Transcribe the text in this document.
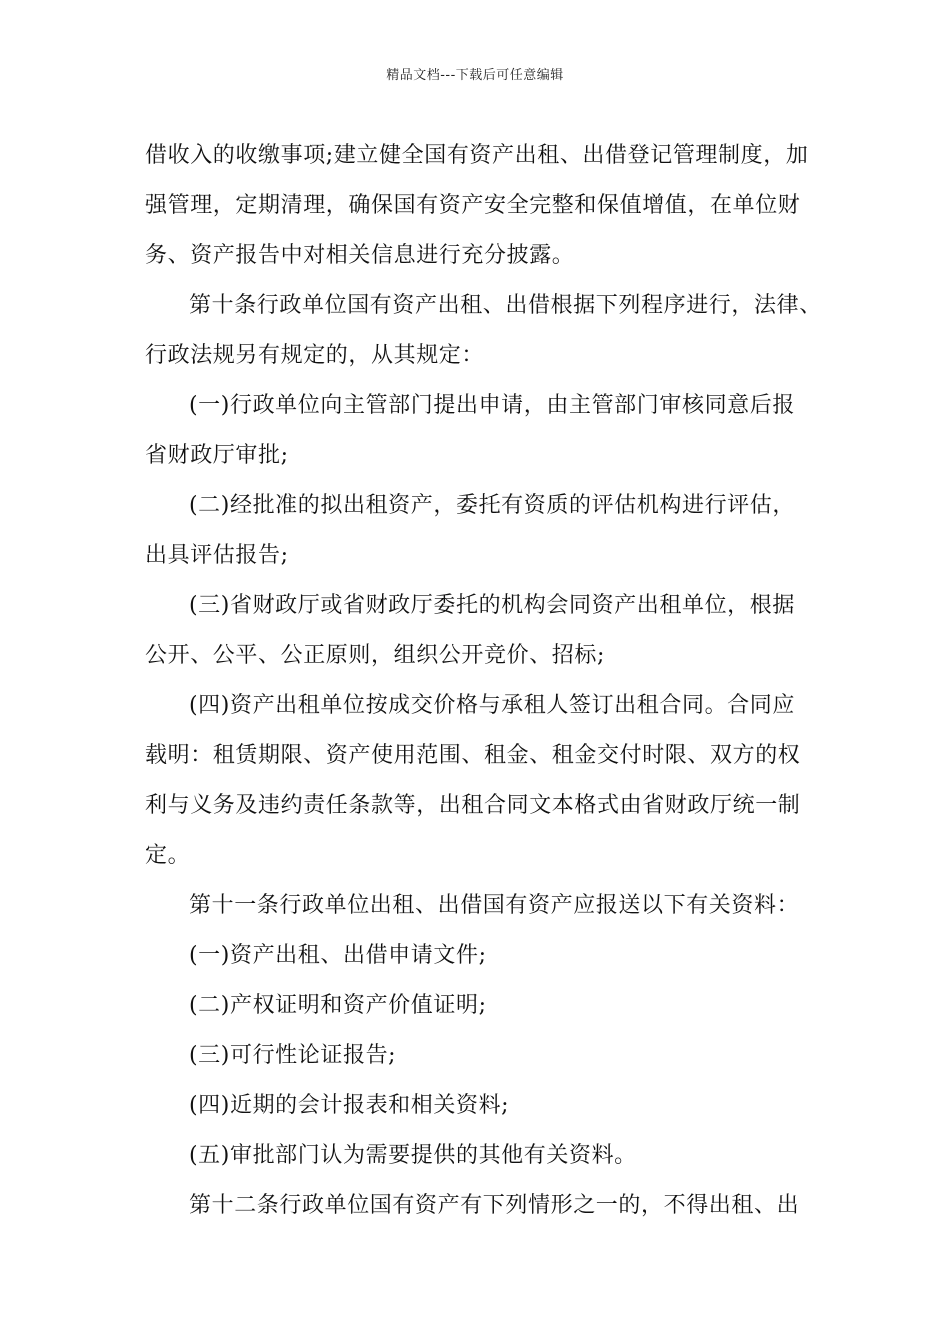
精品文档---下载后可任意编辑
借收入的收缴事项;建立健全国有资产出租、出借登记管理制度，加
强管理，定期清理，确保国有资产安全完整和保值增值，在单位财
务、资产报告中对相关信息进行充分披露。
第十条行政单位国有资产出租、出借根据下列程序进行，法律、
行政法规另有规定的，从其规定：
(一)行政单位向主管部门提出申请，由主管部门审核同意后报
省财政厅审批;
(二)经批准的拟出租资产，委托有资质的评估机构进行评估，
出具评估报告;
(三)省财政厅或省财政厅委托的机构会同资产出租单位，根据
公开、公平、公正原则，组织公开竞价、招标;
(四)资产出租单位按成交价格与承租人签订出租合同。合同应
载明：租赁期限、资产使用范围、租金、租金交付时限、双方的权
利与义务及违约责任条款等，出租合同文本格式由省财政厅统一制
定。
第十一条行政单位出租、出借国有资产应报送以下有关资料：
(一)资产出租、出借申请文件;
(二)产权证明和资产价值证明;
(三)可行性论证报告;
(四)近期的会计报表和相关资料;
(五)审批部门认为需要提供的其他有关资料。
第十二条行政单位国有资产有下列情形之一的，不得出租、出
